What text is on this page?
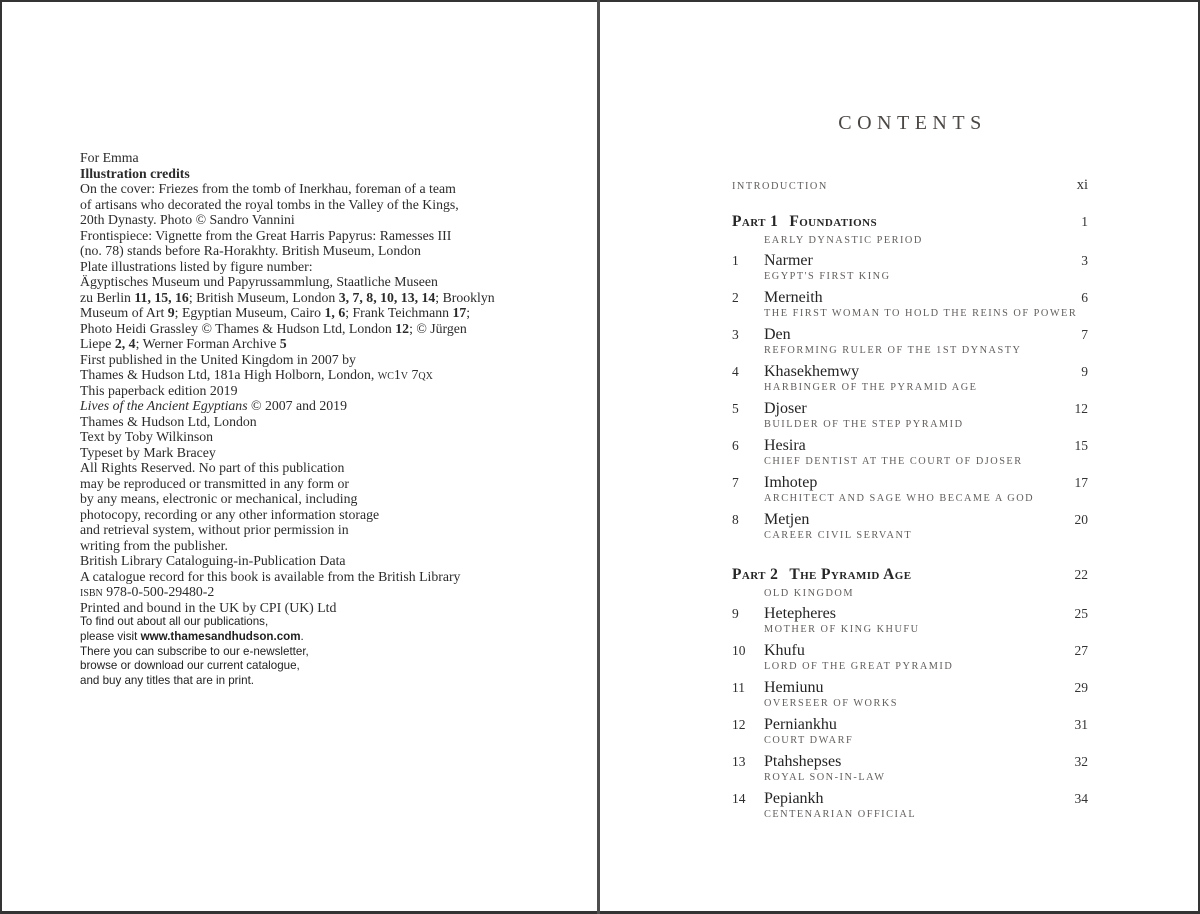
For Emma

Illustration credits

On the cover: Friezes from the tomb of Inerkhau, foreman of a team
of artisans who decorated the royal tombs in the Valley of the Kings,
20th Dynasty. Photo © Sandro Vannini

Frontispiece: Vignette from the Great Harris Papyrus: Ramesses III
(no. 78) stands before Ra-Horakhty. British Museum, London

Plate illustrations listed by figure number:

Ägyptisches Museum und Papyrussammlung, Staatliche Museen
zu Berlin 11, 15, 16; British Museum, London 3, 7, 8, 10, 13, 14; Brooklyn
Museum of Art 9; Egyptian Museum, Cairo 1, 6; Frank Teichmann 17;
Photo Heidi Grassley © Thames & Hudson Ltd, London 12; © Jürgen
Liepe 2, 4; Werner Forman Archive 5

First published in the United Kingdom in 2007 by
Thames & Hudson Ltd, 181a High Holborn, London, wc1v 7qx

This paperback edition 2019

Lives of the Ancient Egyptians © 2007 and 2019
Thames & Hudson Ltd, London
Text by Toby Wilkinson

Typeset by Mark Bracey

All Rights Reserved. No part of this publication
may be reproduced or transmitted in any form or
by any means, electronic or mechanical, including
photocopy, recording or any other information storage
and retrieval system, without prior permission in
writing from the publisher.

British Library Cataloguing-in-Publication Data
A catalogue record for this book is available from the British Library

isbn 978-0-500-29480-2

Printed and bound in the UK by CPI (UK) Ltd

To find out about all our publications,
please visit www.thamesandhudson.com.
There you can subscribe to our e-newsletter,
browse or download our current catalogue,
and buy any titles that are in print.

CONTENTS
INTRODUCTION	xi
Part 1 Foundations	1
EARLY DYNASTIC PERIOD
1	Narmer	3
EGYPT'S FIRST KING
2	Merneith	6
THE FIRST WOMAN TO HOLD THE REINS OF POWER
3	Den	7
REFORMING RULER OF THE 1ST DYNASTY
4	Khasekhemwy	9
HARBINGER OF THE PYRAMID AGE
5	Djoser	12
BUILDER OF THE STEP PYRAMID
6	Hesira	15
CHIEF DENTIST AT THE COURT OF DJOSER
7	Imhotep	17
ARCHITECT AND SAGE WHO BECAME A GOD
8	Metjen	20
CAREER CIVIL SERVANT
Part 2 The Pyramid Age	22
OLD KINGDOM
9	Hetepheres	25
MOTHER OF KING KHUFU
10	Khufu	27
LORD OF THE GREAT PYRAMID
11	Hemiunu	29
OVERSEER OF WORKS
12	Perniankhu	31
COURT DWARF
13	Ptahshepses	32
ROYAL SON-IN-LAW
14	Pepiankh	34
CENTENARIAN OFFICIAL
